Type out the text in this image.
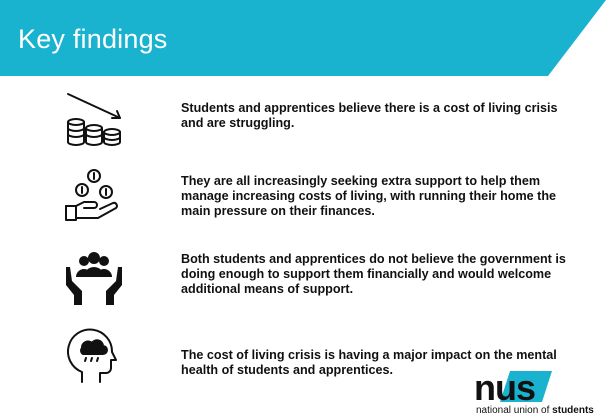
Key findings
Students and apprentices believe there is a cost of living crisis and are struggling.
They are all increasingly seeking extra support to help them manage increasing costs of living, with running their home the main pressure on their finances.
Both students and apprentices do not believe the government is doing enough to support them financially and would welcome additional means of support.
The cost of living crisis is having a major impact on the mental health of students and apprentices.	nus
national union of students
